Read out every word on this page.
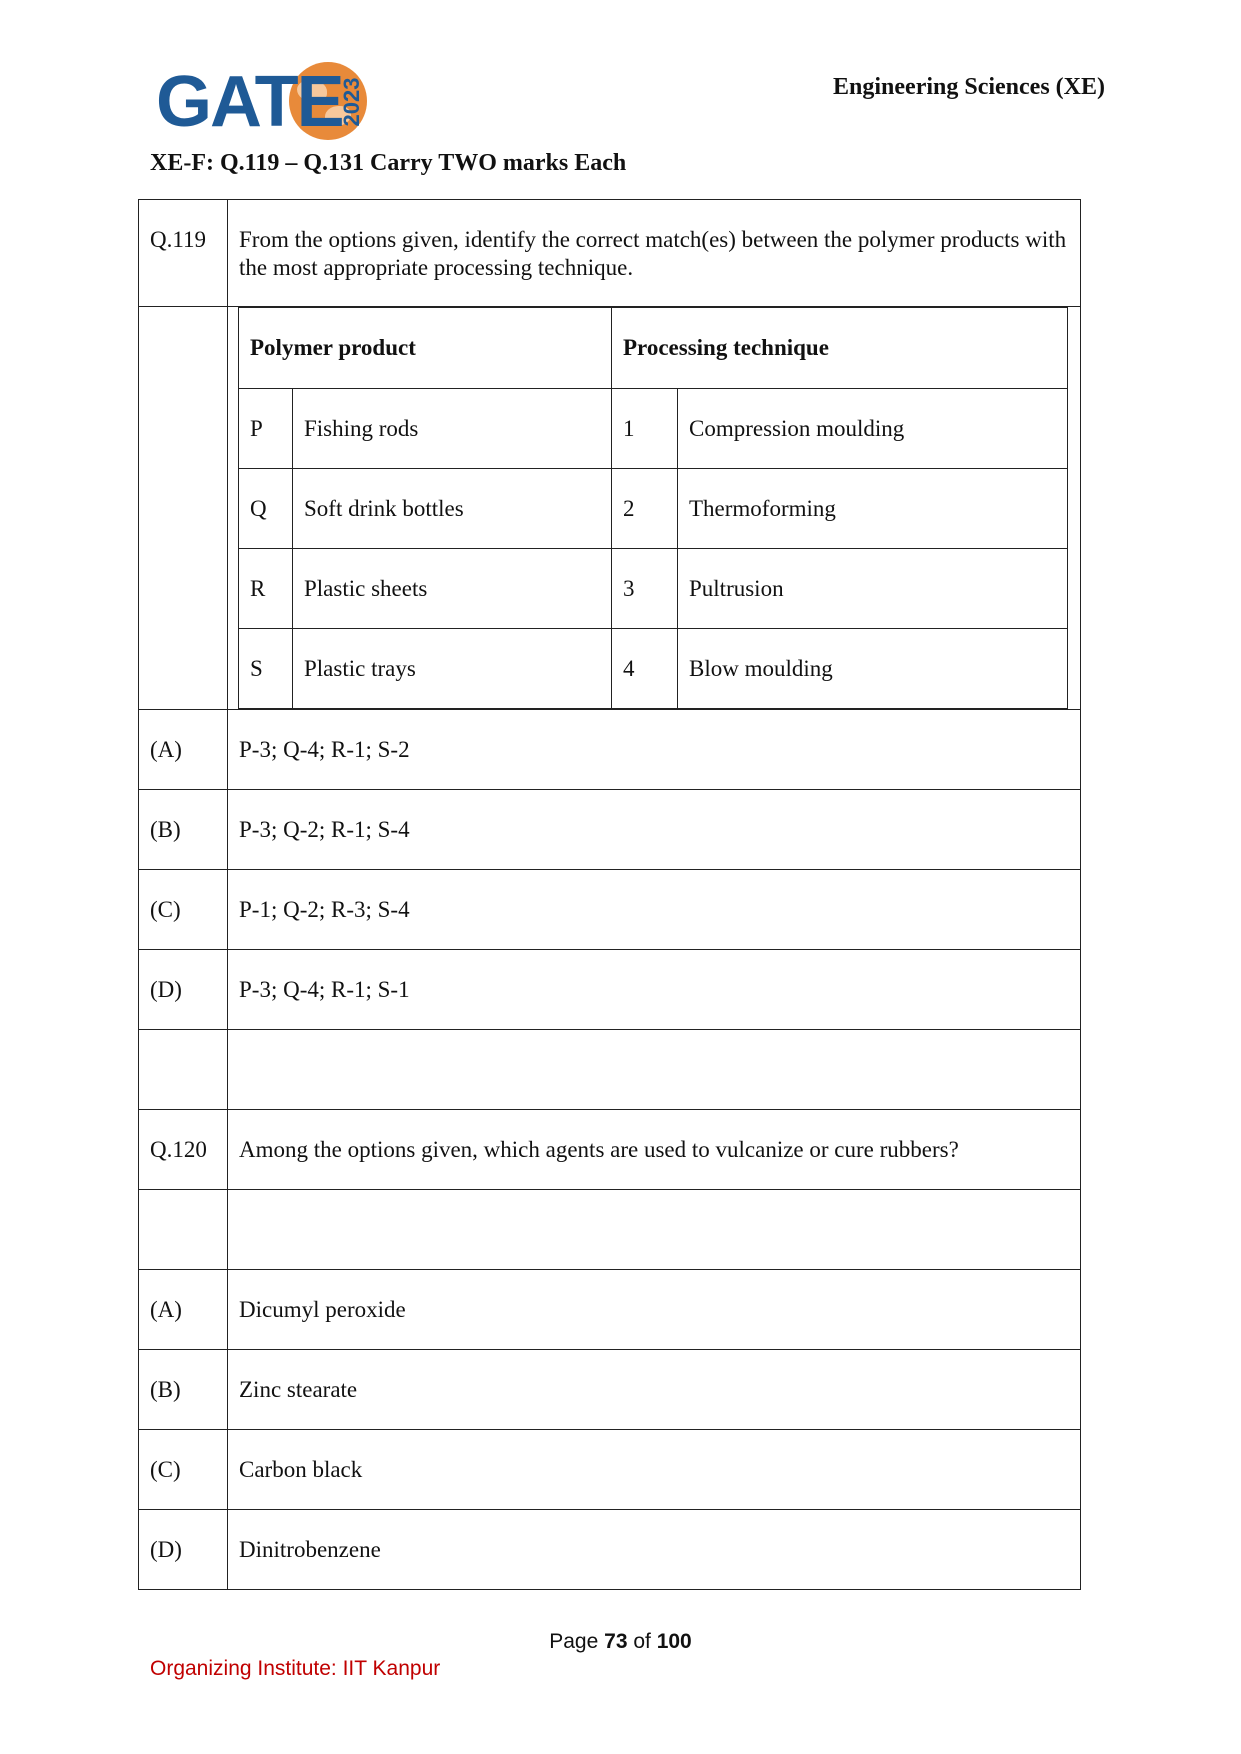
GATE
2023	Engineering Sciences (XE)
XE-F: Q.119 – Q.131 Carry TWO marks Each
Q.119	From the options given, identify the correct match(es) between the polymer products with the most appropriate processing technique.

Polymer product	Processing technique
P	Fishing rods	1	Compression moulding
Q	Soft drink bottles	2	Thermoforming
R	Plastic sheets	3	Pultrusion
S	Plastic trays	4	Blow moulding

(A)	P-3; Q-4; R-1; S-2
(B)	P-3; Q-2; R-1; S-4
(C)	P-1; Q-2; R-3; S-4
(D)	P-3; Q-4; R-1; S-1

Q.120	Among the options given, which agents are used to vulcanize or cure rubbers?

(A)	Dicumyl peroxide
(B)	Zinc stearate
(C)	Carbon black
(D)	Dinitrobenzene
Page 73 of 100
Organizing Institute: IIT Kanpur
